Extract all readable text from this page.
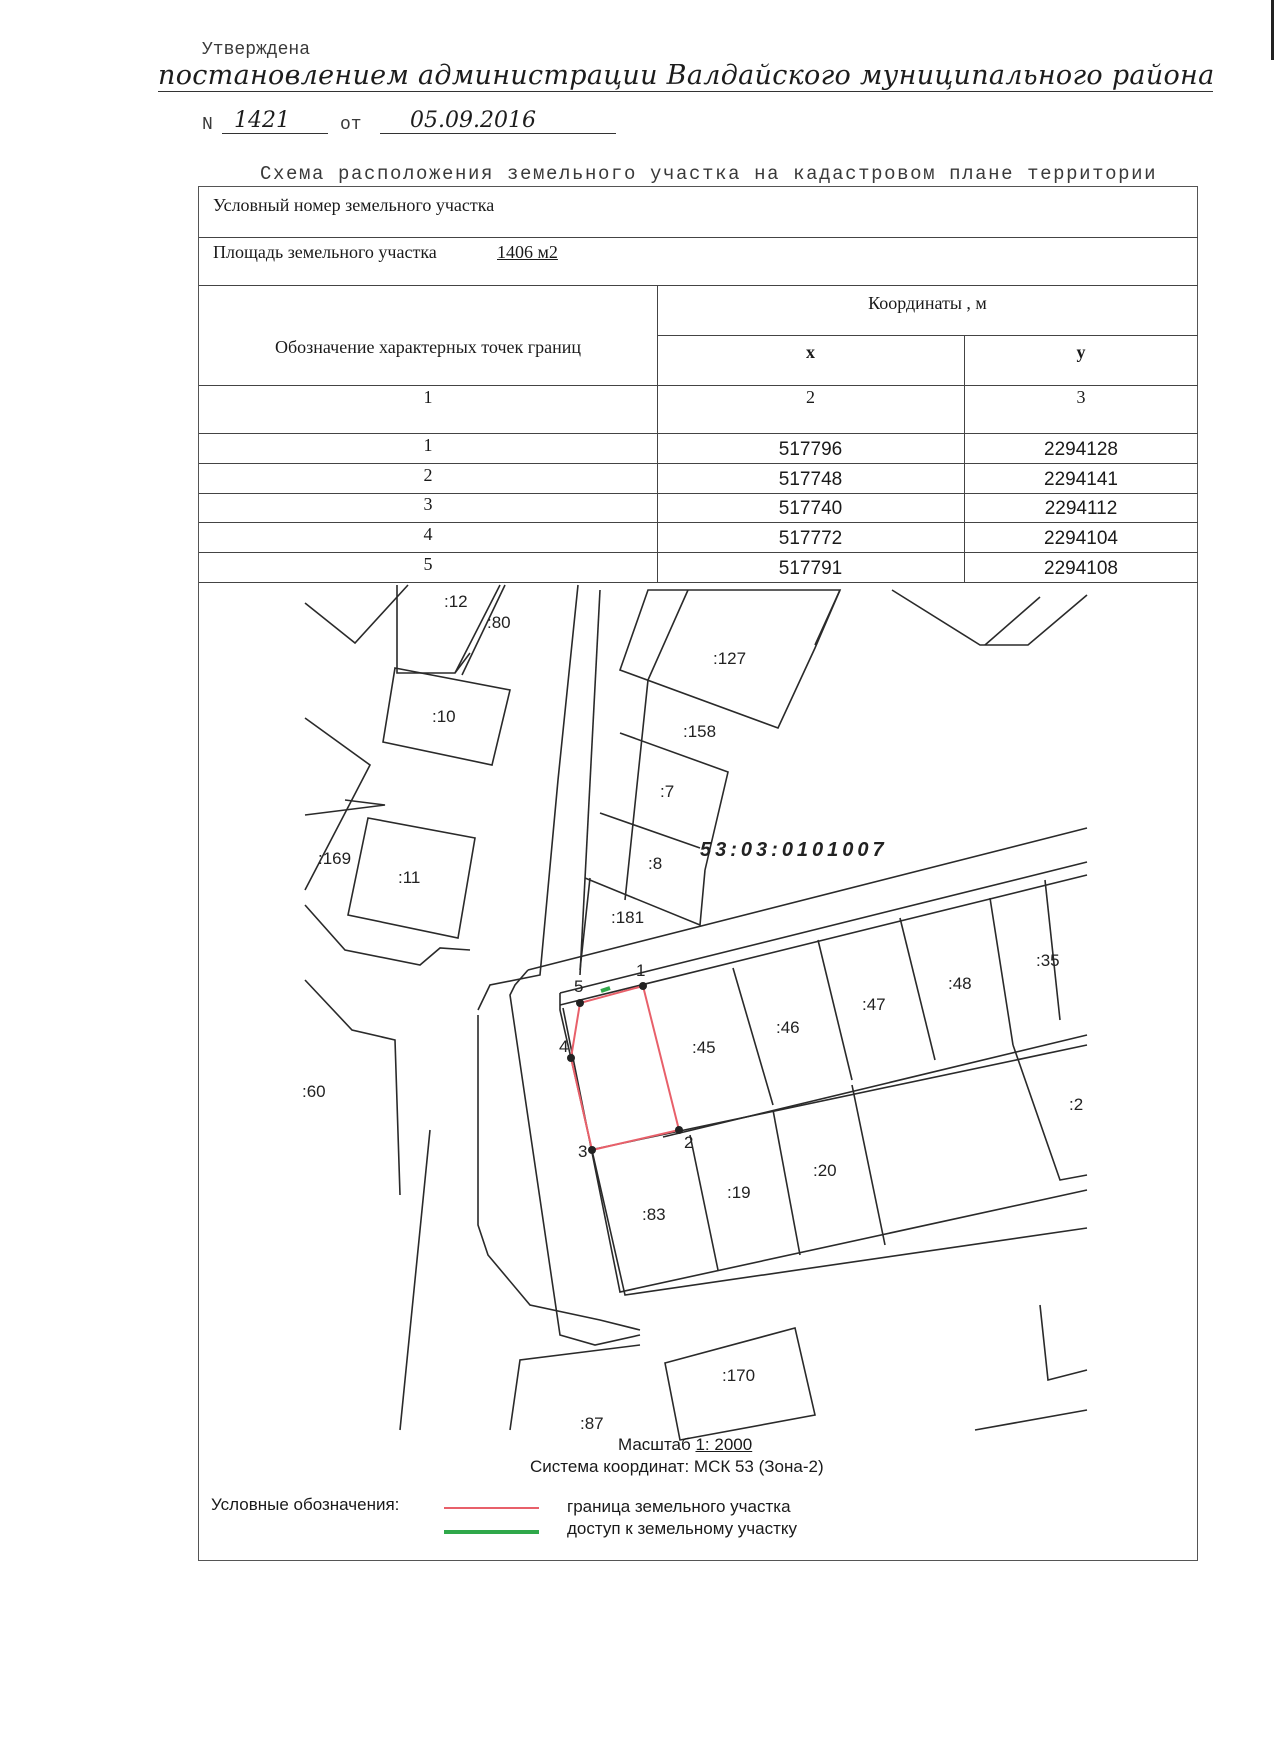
Утверждена
постановлением администрации Валдайского муниципального района
N 1421	от	05.09.2016
Схема расположения земельного участка на кадастровом плане территории
Условный номер земельного участка
Площадь земельного участка	1406 м2
Обозначение характерных точек границ
Координаты , м
x	y
1	2	3
1	517796	2294128
2	517748	2294141
3	517740	2294112
4	517772	2294104
5	517791	2294108
1
2
3
4
5
:12
:80
:10
:169
:11
:60
:127
:158
:7
:8
:181
:45
:46
:47
:48
:35
:2
:20
:19
:83
:170
:87
53:03:0101007
Масштаб 1: 2000
Система координат: МСК 53 (Зона-2)
Условные обозначения:	граница земельного участка
доступ к земельному участку
